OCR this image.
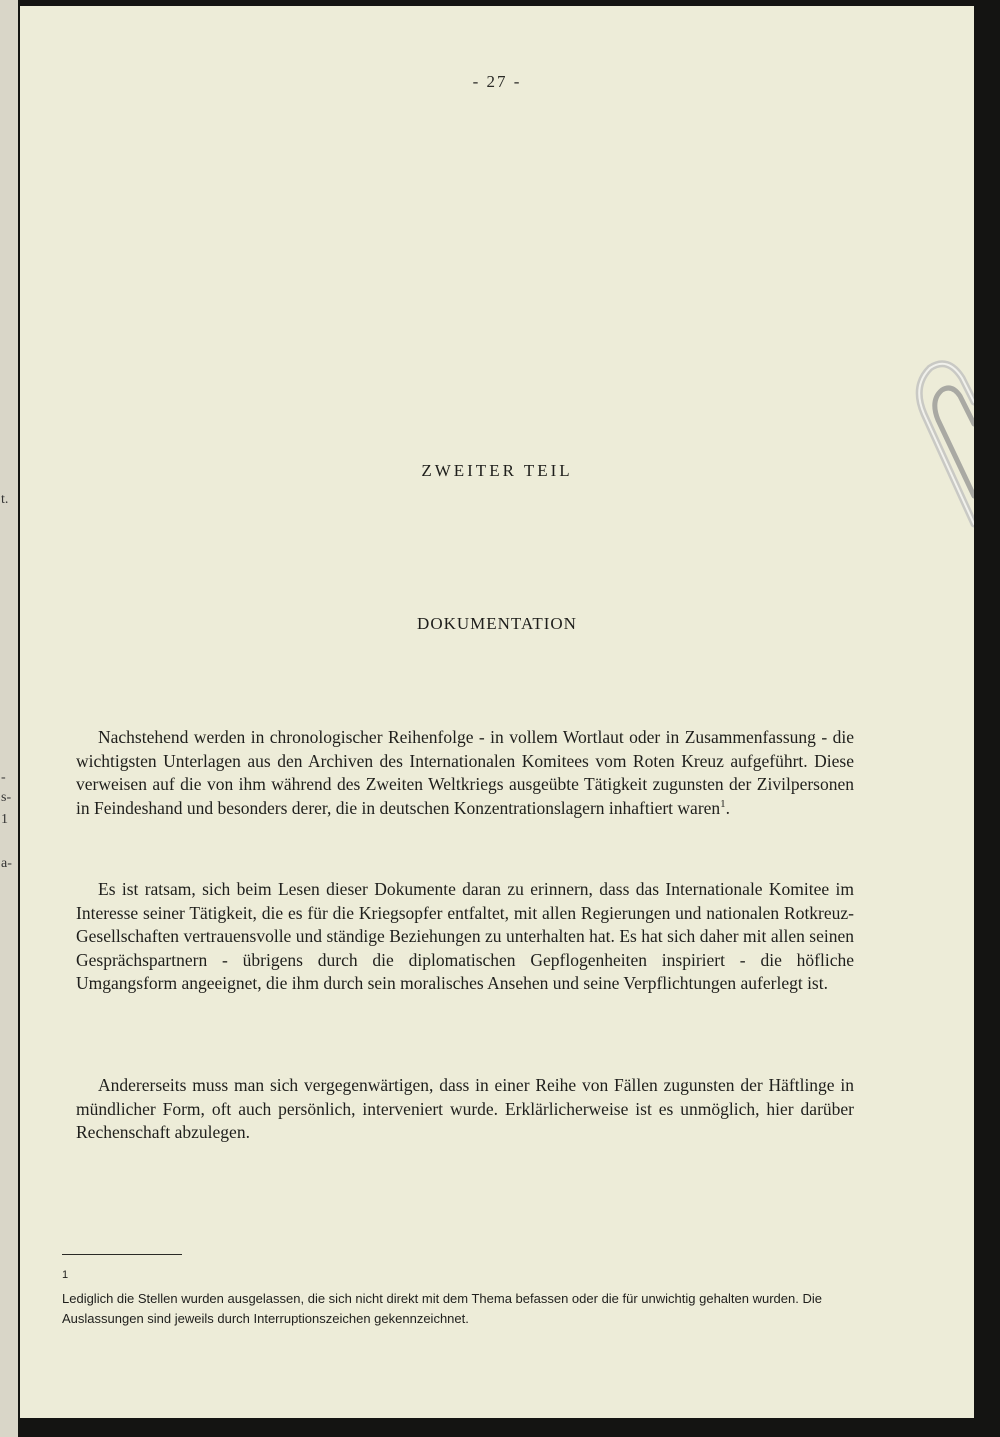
t.
-
s-
1
a-
- 27 -
ZWEITER TEIL
DOKUMENTATION

Nachstehend werden in chronologischer Reihenfolge - in vollem Wortlaut oder in Zusammenfassung - die wichtigsten Unterlagen aus den Archiven des Internationalen Komitees vom Roten Kreuz aufgeführt. Diese verweisen auf die von ihm während des Zweiten Weltkriegs ausgeübte Tätigkeit zugunsten der Zivilpersonen in Feindeshand und besonders derer, die in deutschen Konzentrationslagern inhaftiert waren$^1$.

Es ist ratsam, sich beim Lesen dieser Dokumente daran zu erinnern, dass das Internationale Komitee im Interesse seiner Tätigkeit, die es für die Kriegsopfer entfaltet, mit allen Regierungen und nationalen Rotkreuz-Gesellschaften vertrauensvolle und ständige Beziehungen zu unterhalten hat. Es hat sich daher mit allen seinen Gesprächspartnern - übrigens durch die diplomatischen Gepflogenheiten inspiriert - die höfliche Umgangsform angeeignet, die ihm durch sein moralisches Ansehen und seine Verpflichtungen auferlegt ist.

Andererseits muss man sich vergegenwärtigen, dass in einer Reihe von Fällen zugunsten der Häftlinge in mündlicher Form, oft auch persönlich, interveniert wurde. Erklärlicherweise ist es unmöglich, hier darüber Rechenschaft abzulegen.

$^1$
Lediglich die Stellen wurden ausgelassen, die sich nicht direkt mit dem Thema befassen oder die für unwichtig gehalten wurden. Die Auslassungen sind jeweils durch Interruptionszeichen gekennzeichnet.
